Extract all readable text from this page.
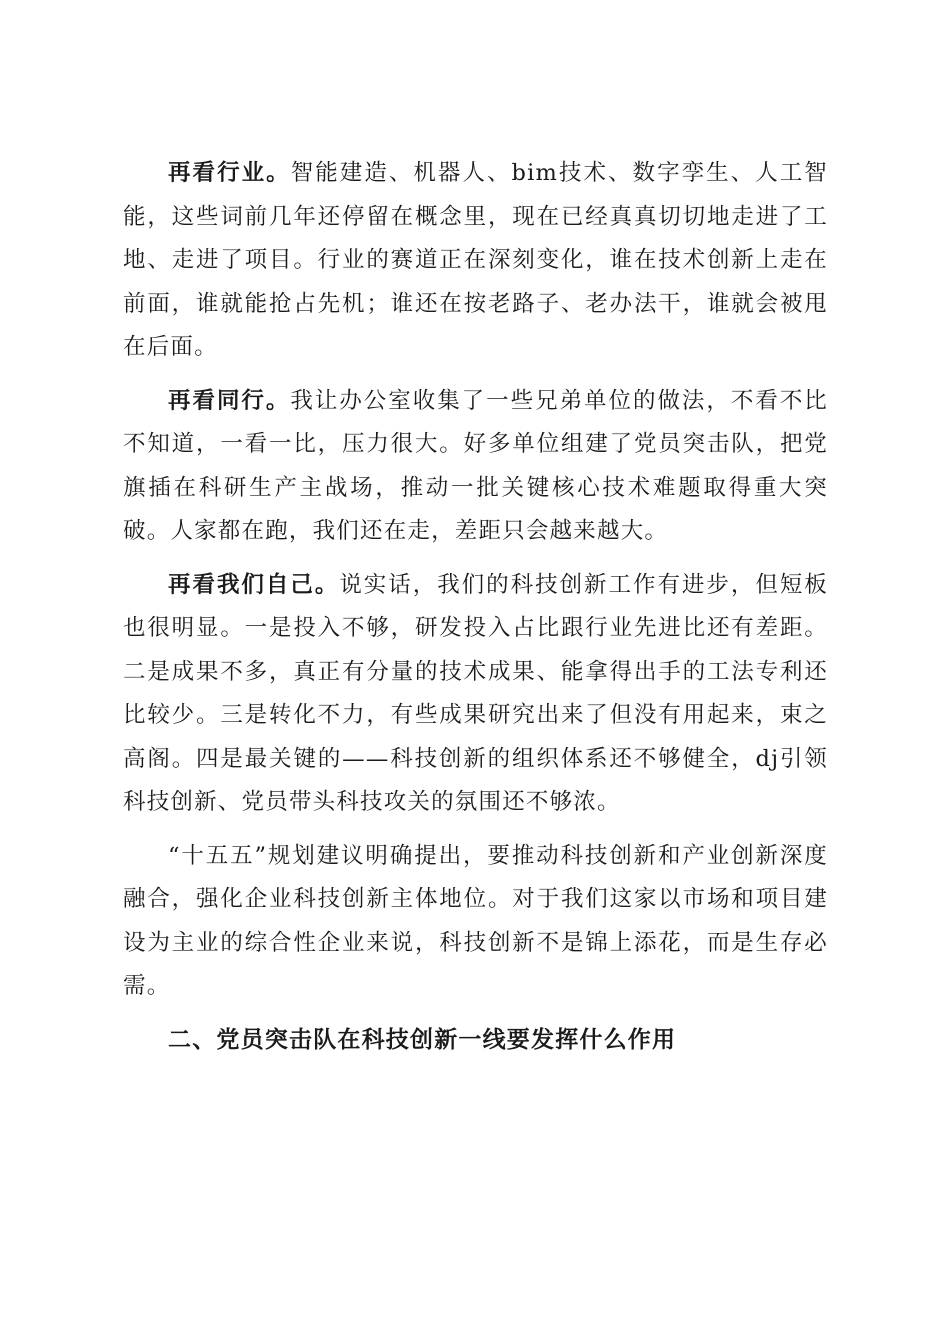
再看行业。智能建造、机器人、bim技术、数字孪生、人工智能，这些词前几年还停留在概念里，现在已经真真切切地走进了工地、走进了项目。行业的赛道正在深刻变化，谁在技术创新上走在前面，谁就能抢占先机；谁还在按老路子、老办法干，谁就会被甩在后面。

再看同行。我让办公室收集了一些兄弟单位的做法，不看不比不知道，一看一比，压力很大。好多单位组建了党员突击队，把党旗插在科研生产主战场，推动一批关键核心技术难题取得重大突破。人家都在跑，我们还在走，差距只会越来越大。

再看我们自己。说实话，我们的科技创新工作有进步，但短板也很明显。一是投入不够，研发投入占比跟行业先进比还有差距。二是成果不多，真正有分量的技术成果、能拿得出手的工法专利还比较少。三是转化不力，有些成果研究出来了但没有用起来，束之高阁。四是最关键的——科技创新的组织体系还不够健全，dj引领科技创新、党员带头科技攻关的氛围还不够浓。

“十五五”规划建议明确提出，要推动科技创新和产业创新深度融合，强化企业科技创新主体地位。对于我们这家以市场和项目建设为主业的综合性企业来说，科技创新不是锦上添花，而是生存必需。

二、党员突击队在科技创新一线要发挥什么作用
